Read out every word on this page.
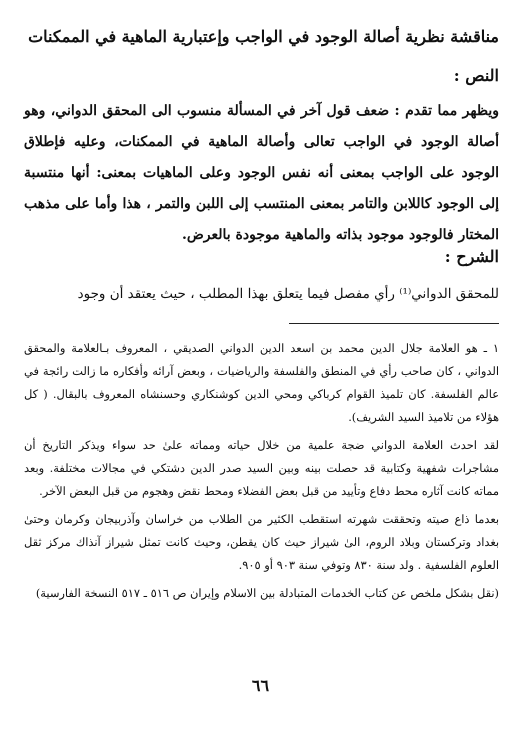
مناقشة نظرية أصالة الوجود في الواجب وإعتبارية الماهية في الممكنات
النص :

ويظهر مما تقدم : ضعف قول آخر في المسألة منسوب الى المحقق الدواني، وهو أصالة الوجود في الواجب تعالى وأصالة الماهية في الممكنات، وعليه فإطلاق الوجود على الواجب بمعنى أنه نفس الوجود وعلى الماهيات بمعنى: أنها منتسبة إلى الوجود كاللابن والتامر بمعنى المنتسب إلى اللبن والتمر ، هذا وأما على مذهب المختار فالوجود موجود بذاته والماهية موجودة بالعرض.

الشرح :
للمحقق الدواني⁽¹⁾ رأي مفصل فيما يتعلق بهذا المطلب ، حيث يعتقد أن وجود

١ ـ هو العلامة جلال الدين محمد بن اسعد الدين الدواني الصديقي ، المعروف بـالعلامة والمحقق الدواني ، كان صاحب رأي في المنطق والفلسفة والرياضيات ، وبعض آرائه وأفكاره ما زالت رائجة في عالم الفلسفة. كان تلميذ القوام كرباكي ومحي الدين كوشنكاري وحسنشاه المعروف بالبقال. ( كل هؤلاء من تلاميذ السيد الشريف).

لقد احدث العلامة الدواني ضجة علمية من خلال حياته ومماته علىٰ حد سواء ويذكر التاريخ أن مشاجرات شفهية وكتابية قد حصلت بينه وبين السيد صدر الدين دشتكي في مجالات مختلفة. وبعد مماته كانت آثاره محط دفاع وتأييد من قبل بعض الفضلاء ومحط نقض وهجوم من قبل البعض الآخر.

بعدما ذاع صيته وتحققت شهرته استقطب الكثير من الطلاب من خراسان وآذربيجان وكرمان وحتىٰ بغداد وتركستان وبلاد الروم، الىٰ شيراز حيث كان يقطن، وحيث كانت تمثل شيراز آنذاك مركز ثقل العلوم الفلسفية . ولد سنة ٨٣٠ وتوفي سنة ٩٠٣ أو ٩٠٥.

(نقل بشكل ملخص عن كتاب الخدمات المتبادلة بين الاسلام وإيران ص ٥١٦ ـ ٥١٧ النسخة الفارسية)

٦٦
